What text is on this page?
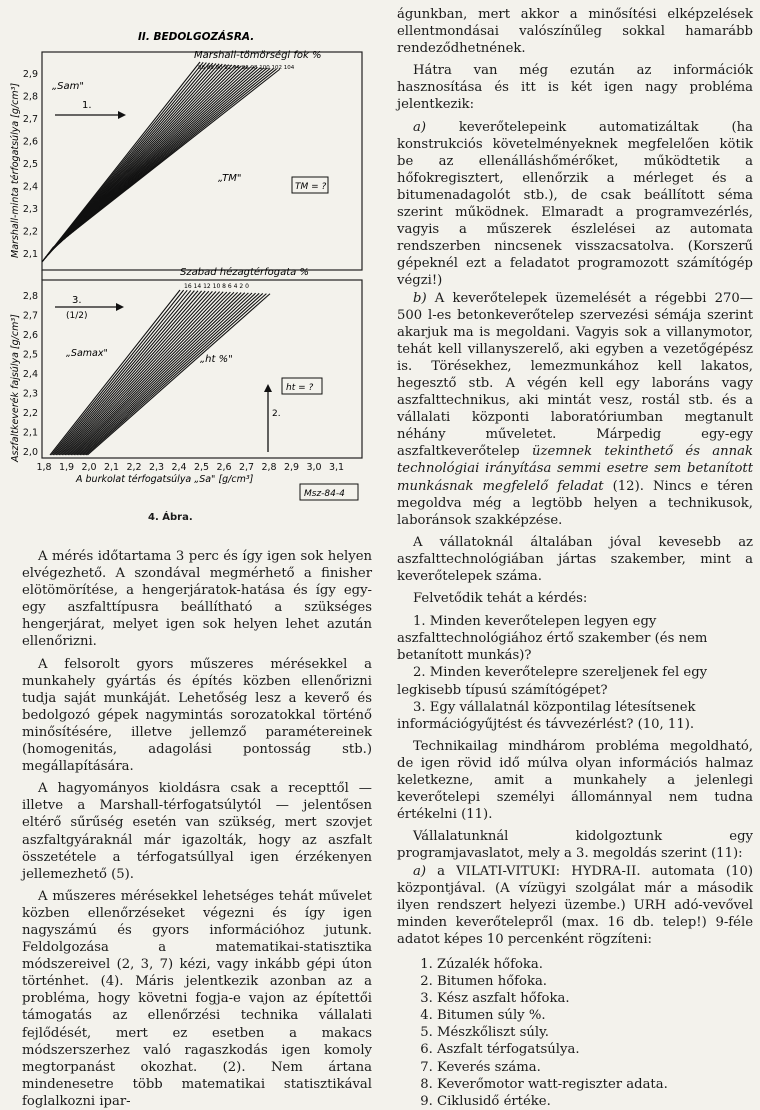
2,9
2,8
2,7
2,6
2,5
2,4
2,3
2,2
2,1
2,8
2,7
2,6
2,5
2,4
2,3
2,2
2,1
2,0
1,8 1,9 2,0 2,1 2,2 2,3 2,4 2,5 2,6 2,7 2,8 2,9 3,0 3,1
II. BEDOLGOZÁSRA.
Marshall-tömörségi fok %
86 88 90 92 94 96 98 100 102 104
Szabad hézagtérfogata %
16 14 12 10 8 6 4 2 0
Marshall-minta térfogatsúlya [g/cm³]
Aszfaltkeverék fajsúlya [g/cm³]
„Sam"
1.
„TM"
TM = ?
3.
(1/2)
„Samax"
„ht %"
ht = ?
2.
A burkolat térfogatsúlya „Sa" [g/cm³]
Msz-84-4
4. Ábra.

A mérés időtartama 3 perc és így igen sok helyen elvégezhető. A szondával megmérhető a finisher elötömörítése, a hengerjáratok-hatása és így egy-egy aszfalttípusra beállítható a szükséges hengerjárat, melyet igen sok helyen lehet azután ellenőrizni.

A felsorolt gyors műszeres mérésekkel a munkahely gyártás és építés közben ellenőrizni tudja saját munkáját. Lehetőség lesz a keverő és bedolgozó gépek nagymintás sorozatokkal történő minősítésére, illetve jellemző paramétereinek (homogenitás, adagolási pontosság stb.) megállapítására.

A hagyományos kioldásra csak a recepttől — illetve a Marshall-térfogatsúlytól — jelentősen eltérő sűrűség esetén van szükség, mert szovjet aszfaltgyáraknál már igazolták, hogy az aszfalt összetétele a térfogatsúllyal igen érzékenyen jellemezhető (5).

A műszeres mérésekkel lehetséges tehát művelet közben ellenőrzéseket végezni és így igen nagyszámú és gyors információhoz jutunk. Feldolgozása a matematikai-statisztika módszereivel (2, 3, 7) kézi, vagy inkább gépi úton történhet. (4). Máris jelentkezik azonban az a probléma, hogy követni fogja-e vajon az építettői támogatás az ellenőrzési technika vállalati fejlődését, mert ez esetben a makacs módszerszerhez való ragaszkodás igen komoly megtorpanást okozhat. (2). Nem ártana mindenesetre több matematikai statisztikával foglalkozni ipar-

águnkban, mert akkor a minősítési elképzelések ellentmondásai valószínűleg sokkal hamarább rendeződhetnének.

Hátra van még ezután az információk hasznosítása és itt is két igen nagy probléma jelentkezik:

a) keverőtelepeink automatizáltak (ha konstrukciós követelményeknek megfelelően kötik be az ellenálláshőmérőket, működtetik a hőfokregisztert, ellenőrzik a mérleget és a bitumenadagolót stb.), de csak beállított séma szerint működnek. Elmaradt a programvezérlés, vagyis a műszerek észlelései az automata rendszerben nincsenek visszacsatolva. (Korszerű gépeknél ezt a feladatot programozott számítógép végzi!)

b) A keverőtelepek üzemelését a régebbi 270—500 l-es betonkeverőtelep szervezési sémája szerint akarjuk ma is megoldani. Vagyis sok a villanymotor, tehát kell villanyszerelő, aki egyben a vezetőgépész is. Törésekhez, lemezmunkához kell lakatos, hegesztő stb. A végén kell egy laboráns vagy aszfalttechnikus, aki mintát vesz, rostál stb. és a vállalati központi laboratóriumban megtanult néhány műveletet. Márpedig egy-egy aszfaltkeverőtelep üzemnek tekinthető és annak technológiai irányítása semmi esetre sem betanított munkásnak megfelelő feladat (12). Nincs e téren megoldva még a legtöbb helyen a technikusok, laboránsok szakképzése.

A vállatoknál általában jóval kevesebb az aszfalttechnológiában jártas szakember, mint a keverőtelepek száma.

Felvetődik tehát a kérdés:

1. Minden keverőtelepen legyen egy aszfalttechnológiához értő szakember (és nem betanított munkás)?
2. Minden keverőtelepre szereljenek fel egy legkisebb típusú számítógépet?
3. Egy vállalatnál központilag létesítsenek információgyűjtést és távvezérlést? (10, 11).

Technikailag mindhárom probléma megoldható, de igen rövid idő múlva olyan információs halmaz keletkezne, amit a munkahely a jelenlegi keverőtelepi személyi állománnyal nem tudna értékelni (11).

Vállalatunknál kidolgoztunk egy programjavaslatot, mely a 3. megoldás szerint (11):

a) a VILATI-VITUKI: HYDRA-II. automata (10) központjával. (A vízügyi szolgálat már a második ilyen rendszert helyezi üzembe.) URH adó-vevővel minden keverőtelepről (max. 16 db. telep!) 9-féle adatot képes 10 percenként rögzíteni:

1. Zúzalék hőfoka.
2. Bitumen hőfoka.
3. Kész aszfalt hőfoka.
4. Bitumen súly %.
5. Mészkőliszt súly.
6. Aszfalt térfogatsúlya.
7. Keverés száma.
8. Keverőmotor watt-regiszter adata.
9. Ciklusidő értéke.
